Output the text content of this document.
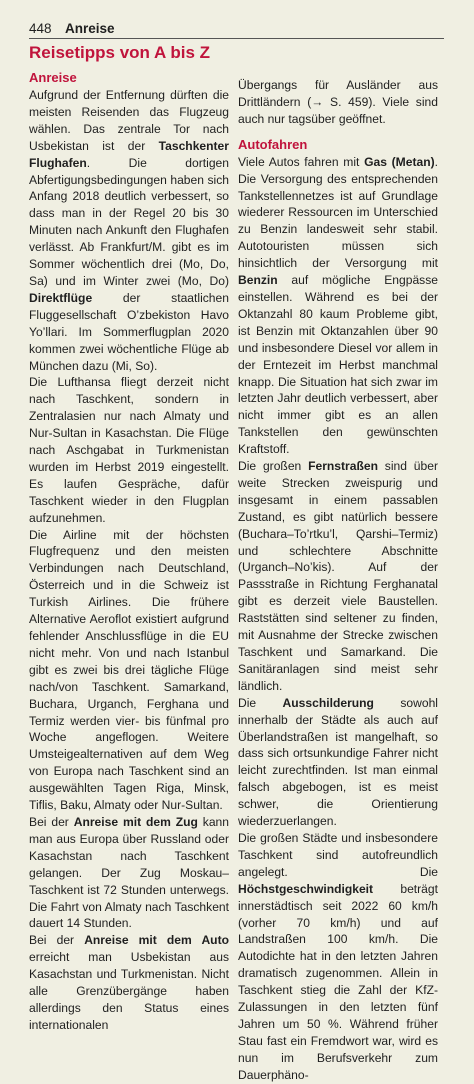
448 Anreise
Reisetipps von A bis Z
Anreise

Aufgrund der Entfernung dürften die meisten Reisenden das Flugzeug wählen. Das zentrale Tor nach Usbekistan ist der Taschkenter Flughafen. Die dortigen Abfertigungsbedingungen haben sich Anfang 2018 deutlich verbessert, so dass man in der Regel 20 bis 30 Minuten nach Ankunft den Flughafen verlässt. Ab Frankfurt/M. gibt es im Sommer wöchentlich drei (Mo, Do, Sa) und im Winter zwei (Mo, Do) Direktflüge der staatlichen Fluggesellschaft O’zbekiston Havo Yo’llari. Im Sommerflugplan 2020 kommen zwei wöchentliche Flüge ab München dazu (Mi, So).

Die Lufthansa fliegt derzeit nicht nach Taschkent, sondern in Zentralasien nur nach Almaty und Nur-Sultan in Kasachstan. Die Flüge nach Aschgabat in Turkmenistan wurden im Herbst 2019 eingestellt. Es laufen Gespräche, dafür Taschkent wieder in den Flugplan aufzunehmen.

Die Airline mit der höchsten Flugfrequenz und den meisten Verbindungen nach Deutschland, Österreich und in die Schweiz ist Turkish Airlines. Die frühere Alternative Aeroflot existiert aufgrund fehlender Anschlussflüge in die EU nicht mehr. Von und nach Istanbul gibt es zwei bis drei tägliche Flüge nach/von Taschkent. Samarkand, Buchara, Urganch, Ferghana und Termiz werden vier- bis fünfmal pro Woche angeflogen. Weitere Umsteigealternativen auf dem Weg von Europa nach Taschkent sind an ausgewählten Tagen Riga, Minsk, Tiflis, Baku, Almaty oder Nur-Sultan.

Bei der Anreise mit dem Zug kann man aus Europa über Russland oder Kasachstan nach Taschkent gelangen. Der Zug Moskau–Taschkent ist 72 Stunden unterwegs. Die Fahrt von Almaty nach Taschkent dauert 14 Stunden.

Bei der Anreise mit dem Auto erreicht man Usbekistan aus Kasachstan und Turkmenistan. Nicht alle Grenzübergänge haben allerdings den Status eines internationalen

Übergangs für Ausländer aus Drittländern (→ S. 459). Viele sind auch nur tagsüber geöffnet.

Autofahren

Viele Autos fahren mit Gas (Metan). Die Versorgung des entsprechenden Tankstellennetzes ist auf Grundlage wiederer Ressourcen im Unterschied zu Benzin landesweit sehr stabil. Autotouristen müssen sich hinsichtlich der Versorgung mit Benzin auf mögliche Engpässe einstellen. Während es bei der Oktanzahl 80 kaum Probleme gibt, ist Benzin mit Oktanzahlen über 90 und insbesondere Diesel vor allem in der Erntezeit im Herbst manchmal knapp. Die Situation hat sich zwar im letzten Jahr deutlich verbessert, aber nicht immer gibt es an allen Tankstellen den gewünschten Kraftstoff.

Die großen Fernstraßen sind über weite Strecken zweispurig und insgesamt in einem passablen Zustand, es gibt natürlich bessere (Buchara–To’rtku’l, Qarshi–Termiz) und schlechtere Abschnitte (Urganch–No’kis). Auf der Passstraße in Richtung Ferghanatal gibt es derzeit viele Baustellen. Raststätten sind seltener zu finden, mit Ausnahme der Strecke zwischen Taschkent und Samarkand. Die Sanitäranlagen sind meist sehr ländlich.

Die Ausschilderung sowohl innerhalb der Städte als auch auf Überlandstraßen ist mangelhaft, so dass sich ortsunkundige Fahrer nicht leicht zurechtfinden. Ist man einmal falsch abgebogen, ist es meist schwer, die Orientierung wiederzuerlangen.

Die großen Städte und insbesondere Taschkent sind autofreundlich angelegt. Die Höchstgeschwindigkeit beträgt innerstädtisch seit 2022 60 km/h (vorher 70 km/h) und auf Landstraßen 100 km/h. Die Autodichte hat in den letzten Jahren dramatisch zugenommen. Allein in Taschkent stieg die Zahl der KfZ-Zulassungen in den letzten fünf Jahren um 50 %. Während früher Stau fast ein Fremdwort war, wird es nun im Berufsverkehr zum Dauerphäno-
